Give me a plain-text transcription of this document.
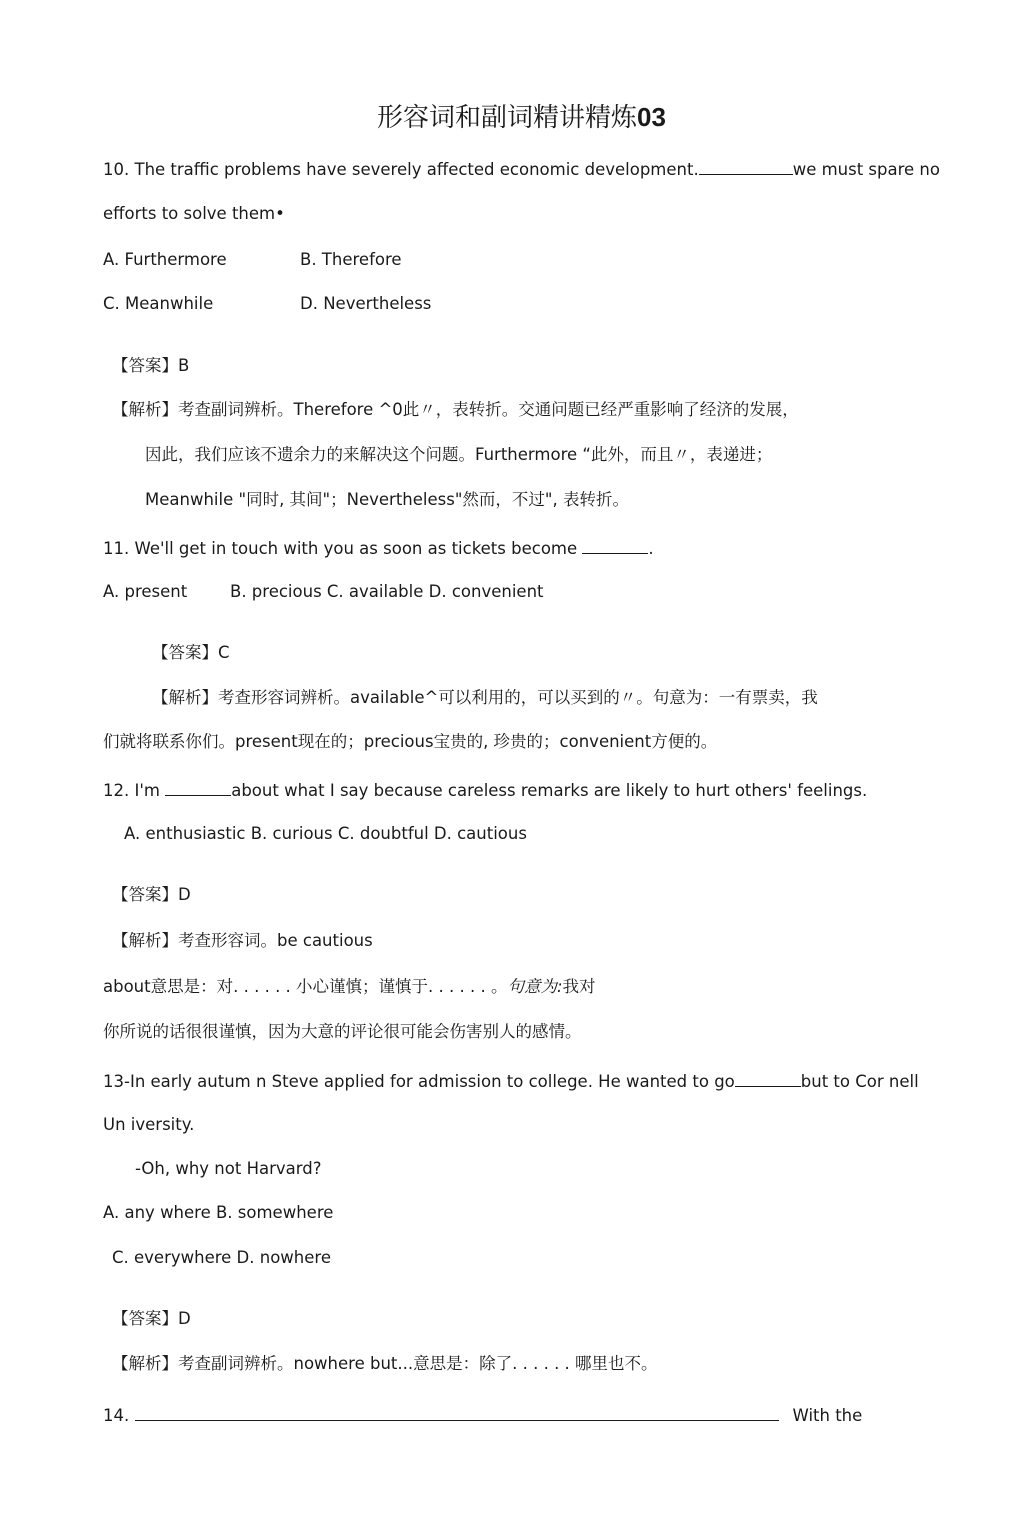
形容词和副词精讲精炼03
10. The traffic problems have severely affected economic development.	we must spare no
efforts to solve them•
A. Furthermore	B. Therefore
C. Meanwhile	D. Nevertheless
【答案】B
【解析】考查副词辨析。Therefore ^0此〃，表转折。交通问题已经严重影响了经济的发展，
因此，我们应该不遗余力的来解决这个问题。Furthermore “此外，而且〃，表递进；
Meanwhile "同时, 其间"；Nevertheless"然而，不过", 表转折。
11. We'll get in touch with you as soon as tickets become	.
A. present	B. precious C. available D. convenient
【答案】C
【解析】考查形容词辨析。available^可以利用的，可以买到的〃。句意为：一有票卖，我
们就将联系你们。present现在的；precious宝贵的, 珍贵的；convenient方便的。
12. I'm	about what I say because careless remarks are likely to hurt others' feelings.
A. enthusiastic B. curious C. doubtful D. cautious
【答案】D
【解析】考查形容词。be cautious
about意思是：对. . . . . . 小心谨慎；谨慎于. . . . . . 。句意为:我对
你所说的话很很谨慎，因为大意的评论很可能会伤害别人的感情。
13-In early autum n Steve applied for admission to college. He wanted to go	but to Cor nell
Un iversity.
-Oh, why not Harvard?
A. any where B. somewhere
C. everywhere D. nowhere
【答案】D
【解析】考查副词辨析。nowhere but...意思是：除了. . . . . . 哪里也不。
14.	With the
